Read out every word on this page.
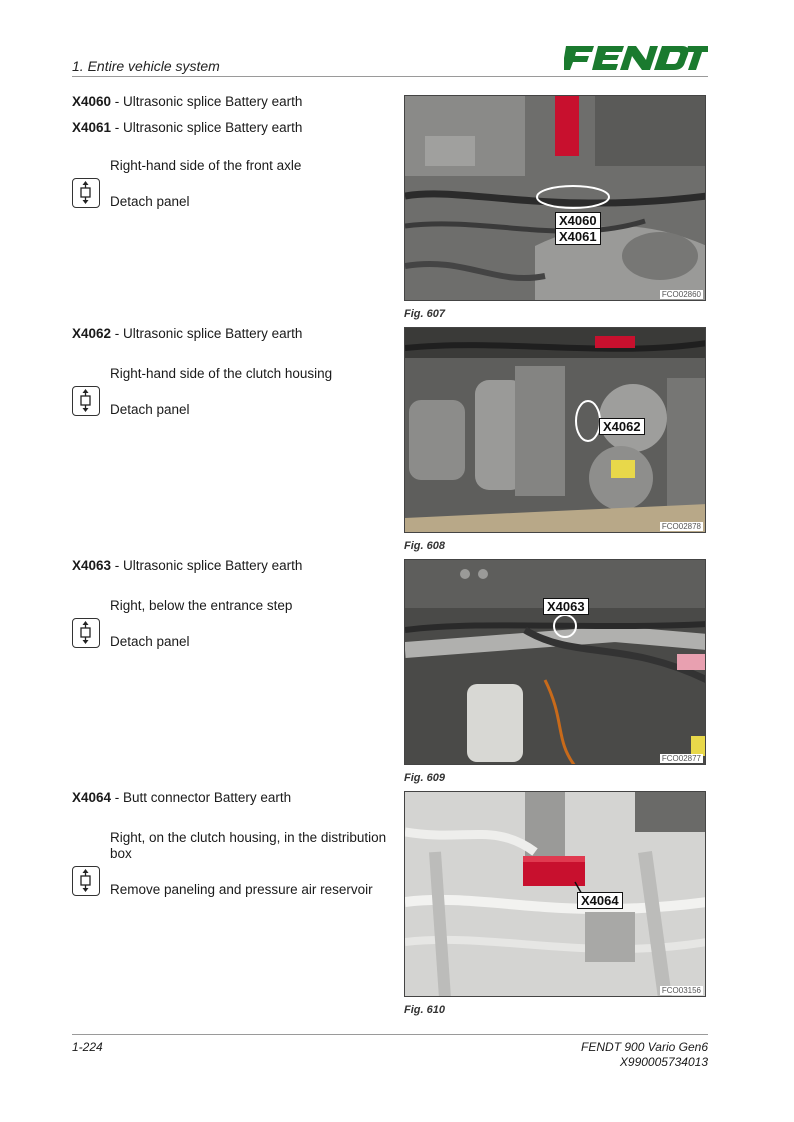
1. Entire vehicle system
X4060 - Ultrasonic splice Battery earth
X4061 - Ultrasonic splice Battery earth
Right-hand side of the front axle
Detach panel
X4060
X4061
FCO02860
Fig. 607
X4062 - Ultrasonic splice Battery earth
Right-hand side of the clutch housing
Detach panel
X4062
FCO02878
Fig. 608
X4063 - Ultrasonic splice Battery earth
Right, below the entrance step
Detach panel
X4063
FCO02877
Fig. 609
X4064 - Butt connector Battery earth
Right, on the clutch housing, in the distribution box
Remove paneling and pressure air reservoir
X4064
FCO03156
Fig. 610
1-224	FENDT 900 Vario Gen6
X990005734013
